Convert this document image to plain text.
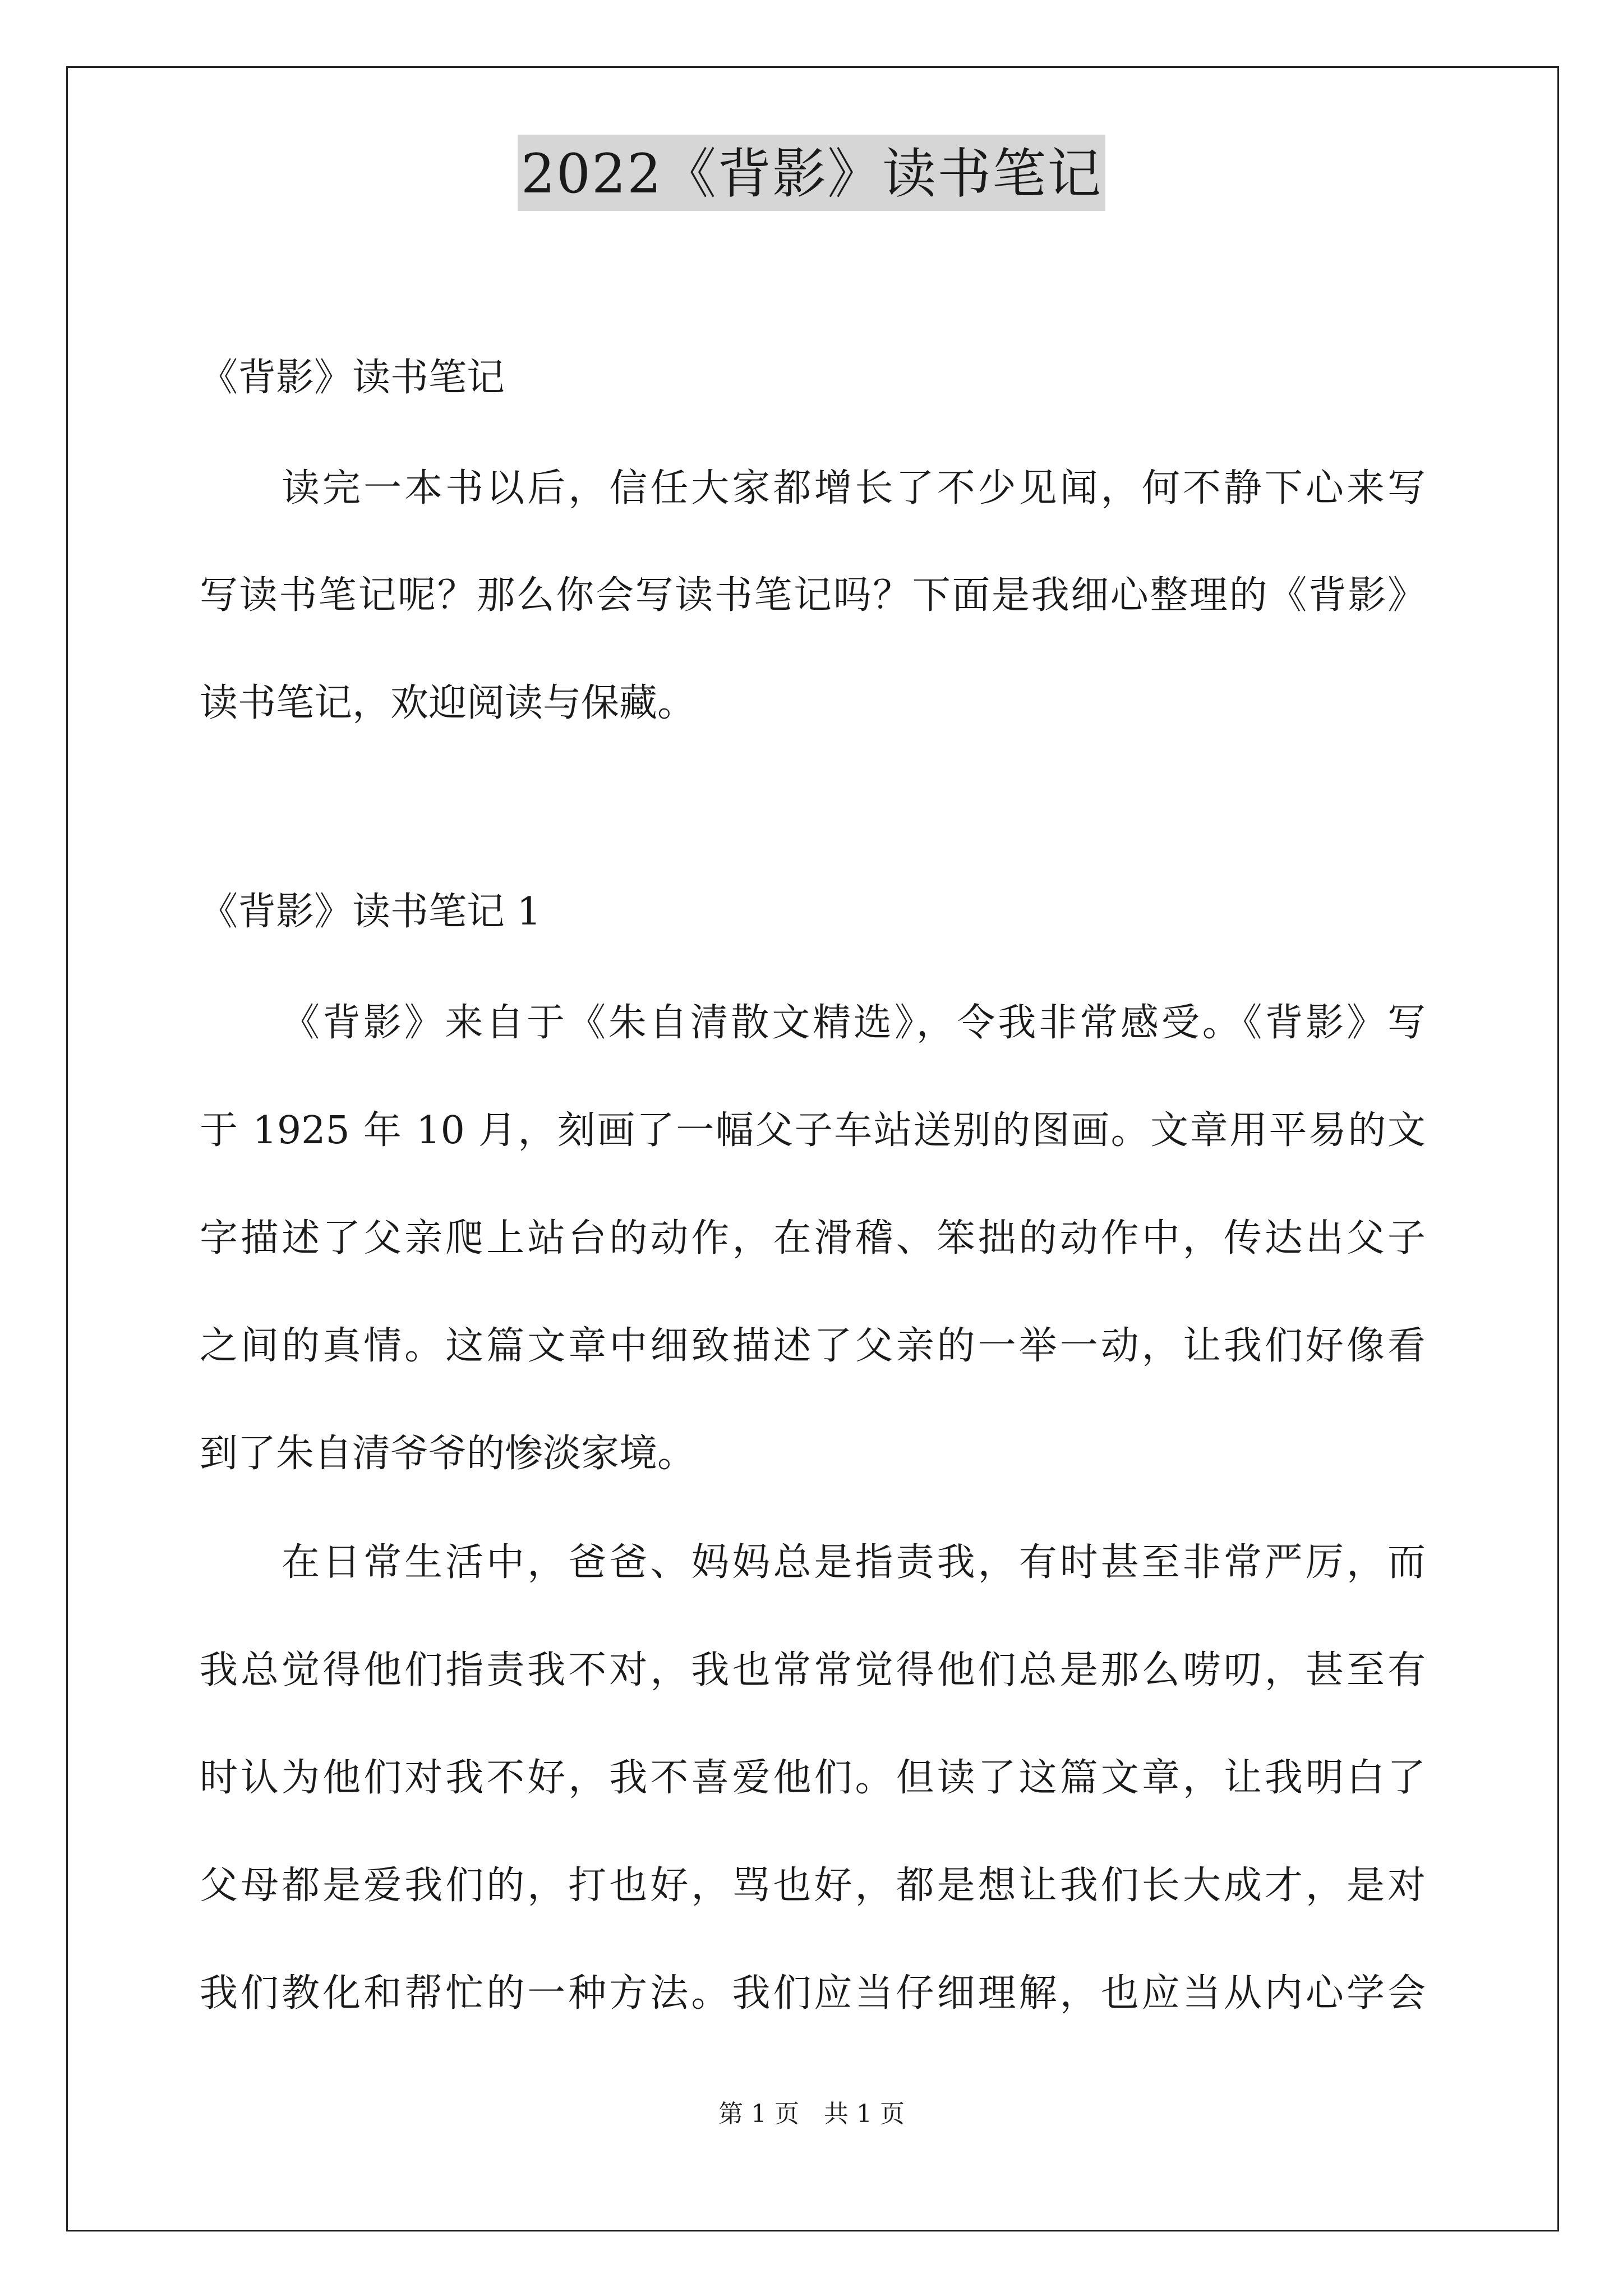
2022《背影》读书笔记
《背影》读书笔记
读完一本书以后，信任大家都增长了不少见闻，何不静下心来写
写读书笔记呢？那么你会写读书笔记吗？下面是我细心整理的《背影》
读书笔记，欢迎阅读与保藏。
《背影》读书笔记 1
《背影》来自于《朱自清散文精选》，令我非常感受。《背影》写
于 1925 年 10 月，刻画了一幅父子车站送别的图画。文章用平易的文
字描述了父亲爬上站台的动作，在滑稽、笨拙的动作中，传达出父子
之间的真情。这篇文章中细致描述了父亲的一举一动，让我们好像看
到了朱自清爷爷的惨淡家境。
在日常生活中，爸爸、妈妈总是指责我，有时甚至非常严厉，而
我总觉得他们指责我不对，我也常常觉得他们总是那么唠叨，甚至有
时认为他们对我不好，我不喜爱他们。但读了这篇文章，让我明白了
父母都是爱我们的，打也好，骂也好，都是想让我们长大成才，是对
我们教化和帮忙的一种方法。我们应当仔细理解，也应当从内心学会
第 1 页　共 1 页
